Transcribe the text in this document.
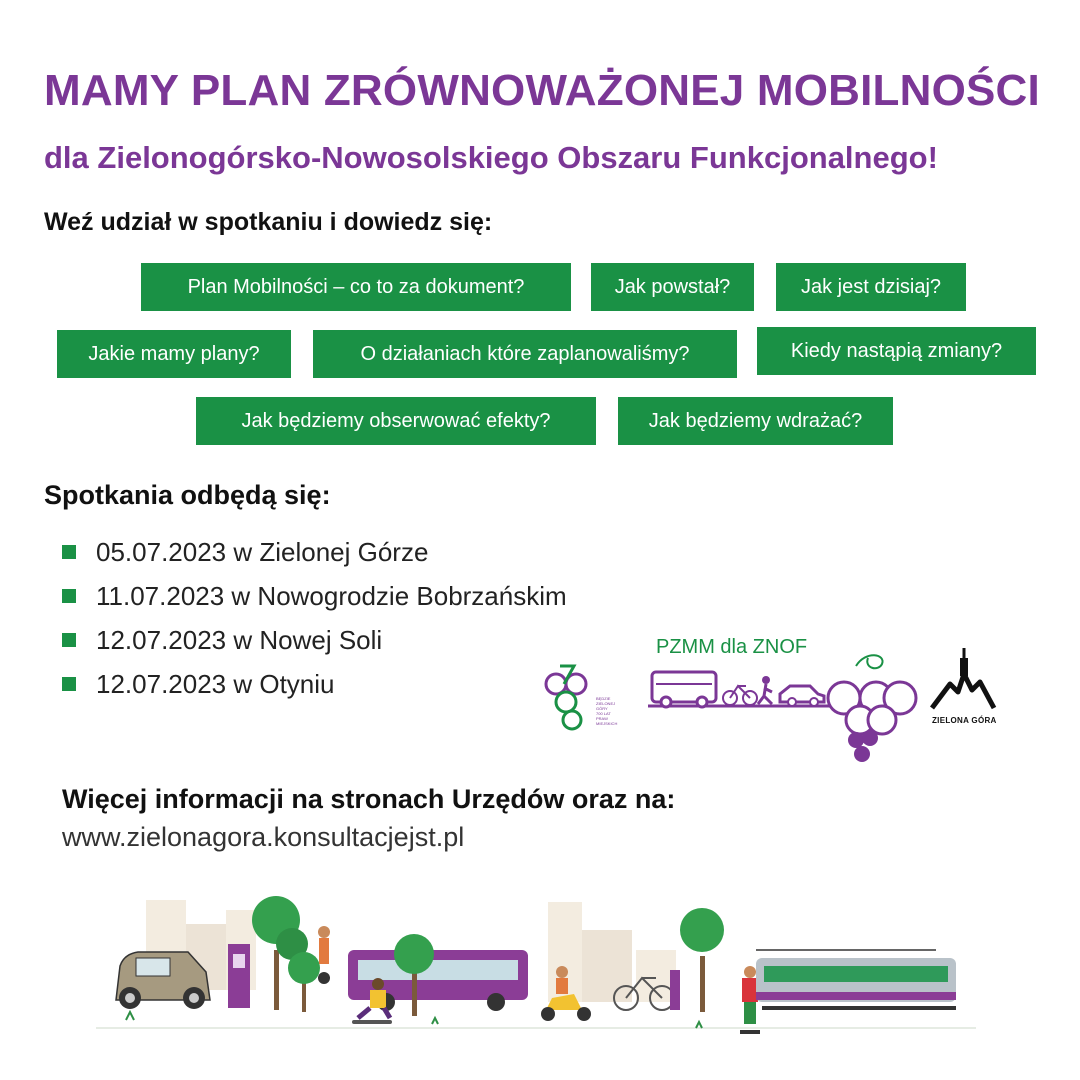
MAMY PLAN ZRÓWNOWAŻONEJ MOBILNOŚCI
dla Zielonogórsko-Nowosolskiego Obszaru Funkcjonalnego!
Weź udział w spotkaniu i dowiedz się:
Plan Mobilności – co to za dokument?	Jak powstał?	Jak jest dzisiaj?
Jakie mamy plany?	O działaniach które zaplanowaliśmy?	Kiedy nastąpią zmiany?
Jak będziemy obserwować efekty?	Jak będziemy wdrażać?
Spotkania odbędą się:
05.07.2023 w Zielonej Górze
11.07.2023 w Nowogrodzie Bobrzańskim
12.07.2023 w Nowej Soli
12.07.2023 w Otyniu	BĘDZIE ZIELONEJ GÓRY
700 LAT
PRAW MIEJSKICH
PZMM dla ZNOF
ZIELONA GÓRA
Więcej informacji na stronach Urzędów oraz na:
www.zielonagora.konsultacjejst.pl
